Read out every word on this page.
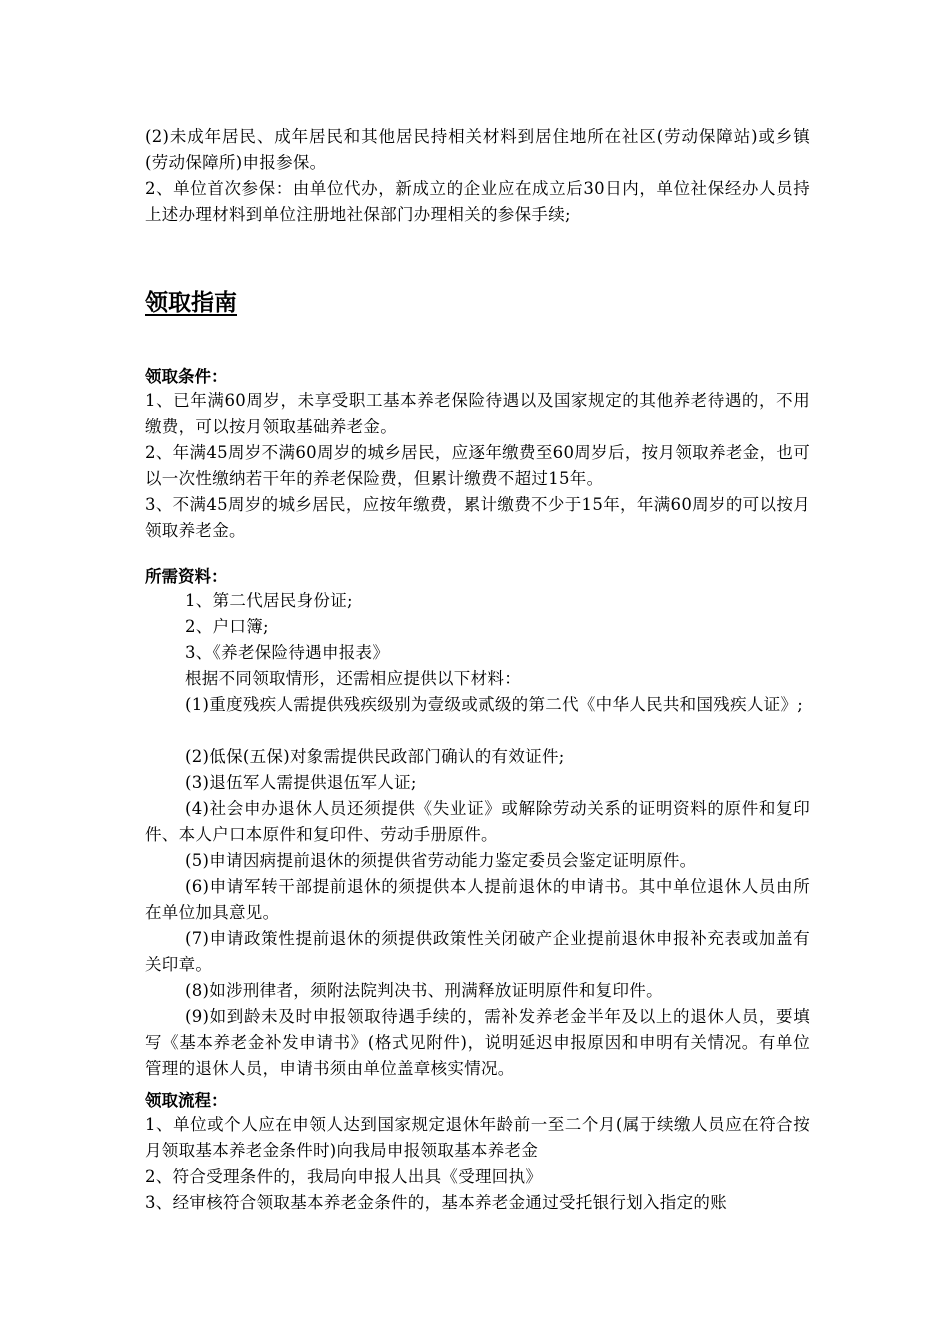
(2)未成年居民、成年居民和其他居民持相关材料到居住地所在社区(劳动保障站)或乡镇(劳动保障所)申报参保。

2、单位首次参保：由单位代办，新成立的企业应在成立后30日内，单位社保经办人员持上述办理材料到单位注册地社保部门办理相关的参保手续;

领取指南
领取条件：

1、已年满60周岁，未享受职工基本养老保险待遇以及国家规定的其他养老待遇的，不用缴费，可以按月领取基础养老金。

2、年满45周岁不满60周岁的城乡居民，应逐年缴费至60周岁后，按月领取养老金，也可以一次性缴纳若干年的养老保险费，但累计缴费不超过15年。

3、不满45周岁的城乡居民，应按年缴费，累计缴费不少于15年，年满60周岁的可以按月领取养老金。

所需资料：

1、第二代居民身份证;

2、户口簿;

3、《养老保险待遇申报表》

根据不同领取情形，还需相应提供以下材料：

(1)重度残疾人需提供残疾级别为壹级或贰级的第二代《中华人民共和国残疾人证》;

(2)低保(五保)对象需提供民政部门确认的有效证件;

(3)退伍军人需提供退伍军人证;

(4)社会申办退休人员还须提供《失业证》或解除劳动关系的证明资料的原件和复印件、本人户口本原件和复印件、劳动手册原件。

(5)申请因病提前退休的须提供省劳动能力鉴定委员会鉴定证明原件。

(6)申请军转干部提前退休的须提供本人提前退休的申请书。其中单位退休人员由所在单位加具意见。

(7)申请政策性提前退休的须提供政策性关闭破产企业提前退休申报补充表或加盖有关印章。

(8)如涉刑律者，须附法院判决书、刑满释放证明原件和复印件。

(9)如到龄未及时申报领取待遇手续的，需补发养老金半年及以上的退休人员，要填写《基本养老金补发申请书》(格式见附件)，说明延迟申报原因和申明有关情况。有单位管理的退休人员，申请书须由单位盖章核实情况。

领取流程：

1、单位或个人应在申领人达到国家规定退休年龄前一至二个月(属于续缴人员应在符合按月领取基本养老金条件时)向我局申报领取基本养老金

2、符合受理条件的，我局向申报人出具《受理回执》

3、经审核符合领取基本养老金条件的，基本养老金通过受托银行划入指定的账
